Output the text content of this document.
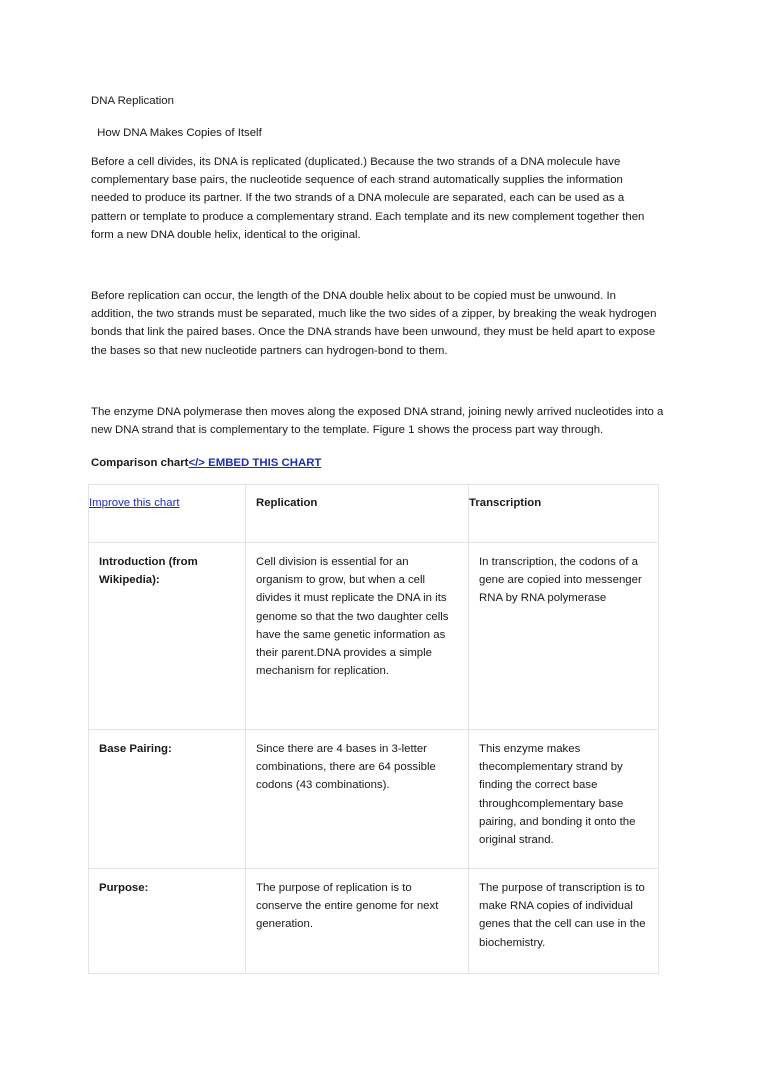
DNA Replication

How DNA Makes Copies of Itself

Before a cell divides, its DNA is replicated (duplicated.) Because the two strands of a DNA molecule have complementary base pairs, the nucleotide sequence of each strand automatically supplies the information needed to produce its partner. If the two strands of a DNA molecule are separated, each can be used as a pattern or template to produce a complementary strand. Each template and its new complement together then form a new DNA double helix, identical to the original.

Before replication can occur, the length of the DNA double helix about to be copied must be unwound. In addition, the two strands must be separated, much like the two sides of a zipper, by breaking the weak hydrogen bonds that link the paired bases. Once the DNA strands have been unwound, they must be held apart to expose the bases so that new nucleotide partners can hydrogen-bond to them.

The enzyme DNA polymerase then moves along the exposed DNA strand, joining newly arrived nucleotides into a new DNA strand that is complementary to the template. Figure 1 shows the process part way through.

Comparison chart</> EMBED THIS CHART

Improve this chart	Replication	Transcription
Introduction (from Wikipedia):	Cell division is essential for an organism to grow, but when a cell divides it must replicate the DNA in its genome so that the two daughter cells have the same genetic information as their parent.DNA provides a simple mechanism for replication.	In transcription, the codons of a gene are copied into messenger RNA by RNA polymerase
Base Pairing:	Since there are 4 bases in 3-letter combinations, there are 64 possible codons (43 combinations).	This enzyme makes thecomplementary strand by finding the correct base throughcomplementary base pairing, and bonding it onto the original strand.
Purpose:	The purpose of replication is to conserve the entire genome for next generation.	The purpose of transcription is to make RNA copies of individual genes that the cell can use in the biochemistry.
